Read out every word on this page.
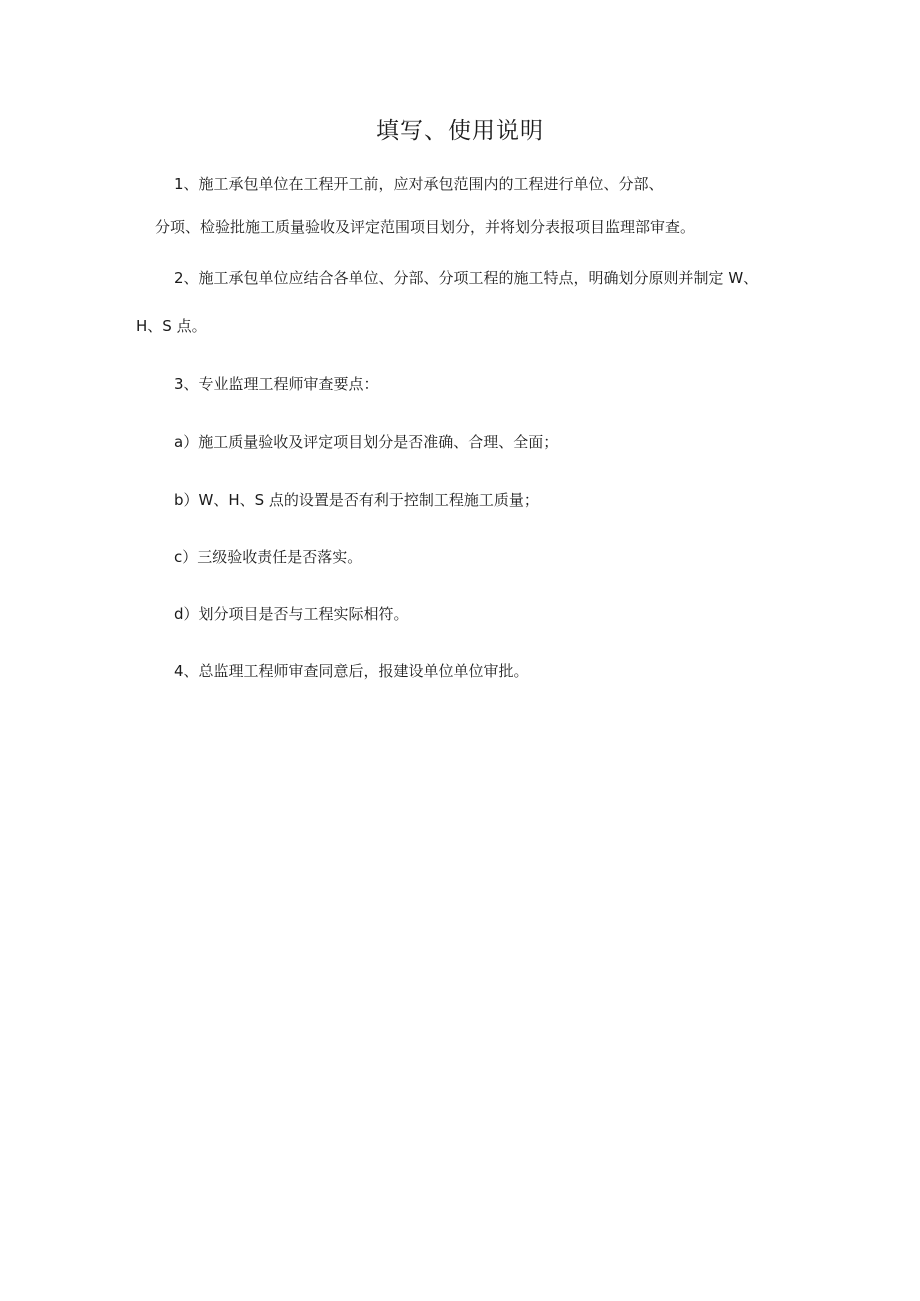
填写、使用说明
1、施工承包单位在工程开工前，应对承包范围内的工程进行单位、分部、
分项、检验批施工质量验收及评定范围项目划分，并将划分表报项目监理部审查。
2、施工承包单位应结合各单位、分部、分项工程的施工特点，明确划分原则并制定 W、
H、S 点。
3、专业监理工程师审查要点：
a）施工质量验收及评定项目划分是否准确、合理、全面；
b）W、H、S 点的设置是否有利于控制工程施工质量；
c）三级验收责任是否落实。
d）划分项目是否与工程实际相符。
4、总监理工程师审查同意后，报建设单位单位审批。
